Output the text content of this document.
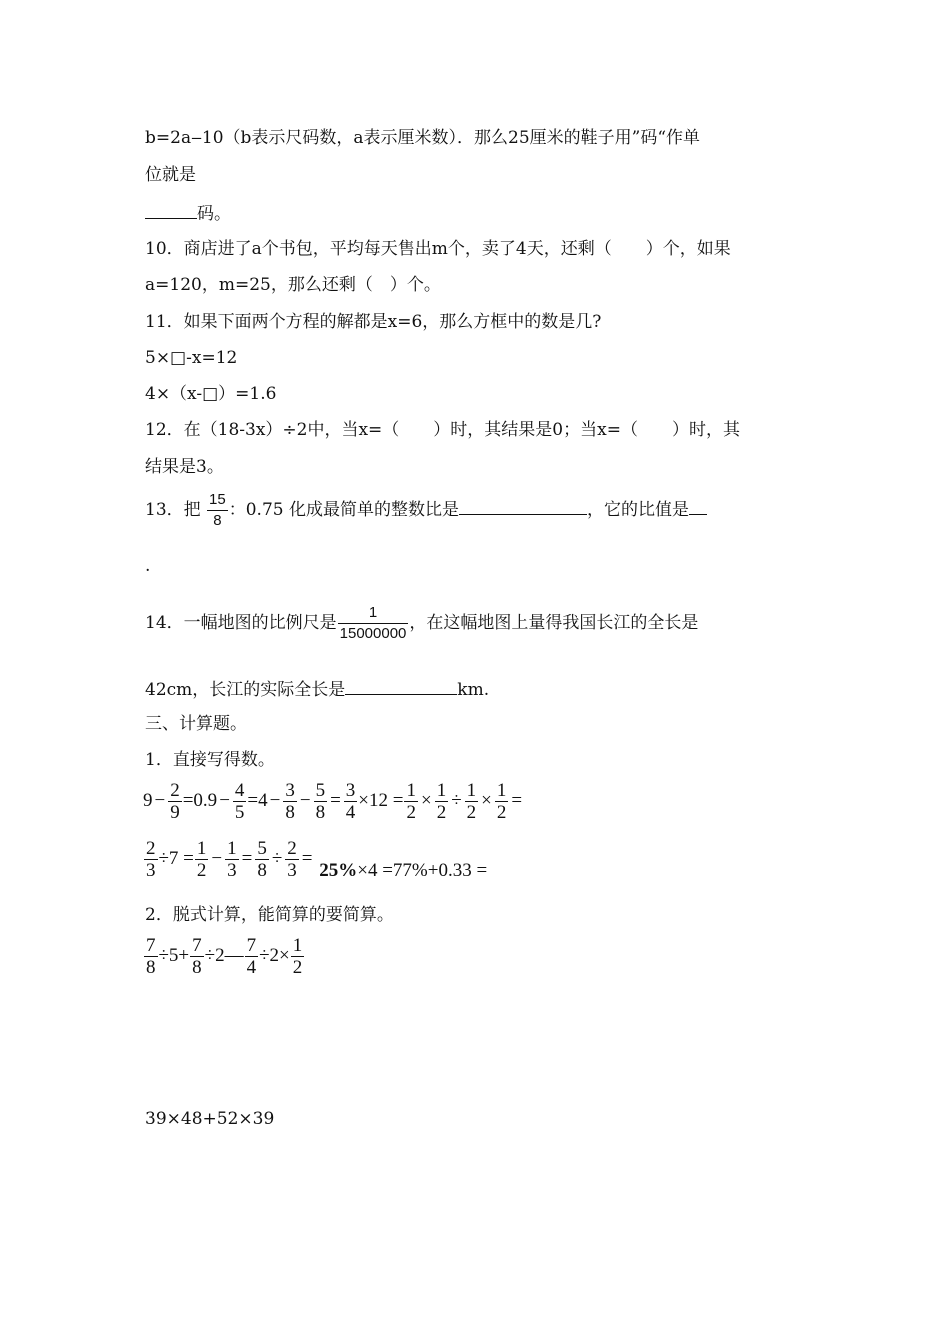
b=2a‒10（b表示尺码数，a表示厘米数）．那么25厘米的鞋子用”码“作单
位就是
码。
10．商店进了a个书包，平均每天售出m个，卖了4天，还剩（　　）个，如果
a=120，m=25，那么还剩（　）个。
11．如果下面两个方程的解都是x=6，那么方框中的数是几?
5×□-x=12
4×（x-□）=1.6
12．在（18-3x）÷2中，当x=（　　）时，其结果是0；当x=（　　）时，其
结果是3。
13．把 $\frac{15}{8}$ ：0.75 化成最简单的整数比是	，它的比值是
.
14．一幅地图的比例尺是 $\frac{1}{15000000}$ ，在这幅地图上量得我国长江的全长是
42cm，长江的实际全长是	km.
三、计算题。
1．直接写得数。
$9 - \frac{2}{9} =0.9 - \frac{4}{5} =4 - \frac{3}{8} - \frac{5}{8} = \frac{3}{4} \times 12 = \frac{1}{2} \times \frac{1}{2} \div \frac{1}{2} \times \frac{1}{2}$ =
$\frac{2}{3} \div 7 = \frac{1}{2} - \frac{1}{3} = \frac{5}{8} \div \frac{2}{3} = 25\%\times 4 =77\%+0.33$ =
2．脱式计算，能简算的要简算。
$\frac{7}{8} \div 5+ \frac{7}{8}$ ÷2— $\frac{7}{4} \div 2\times \frac{1}{2}$
39×48+52×39
